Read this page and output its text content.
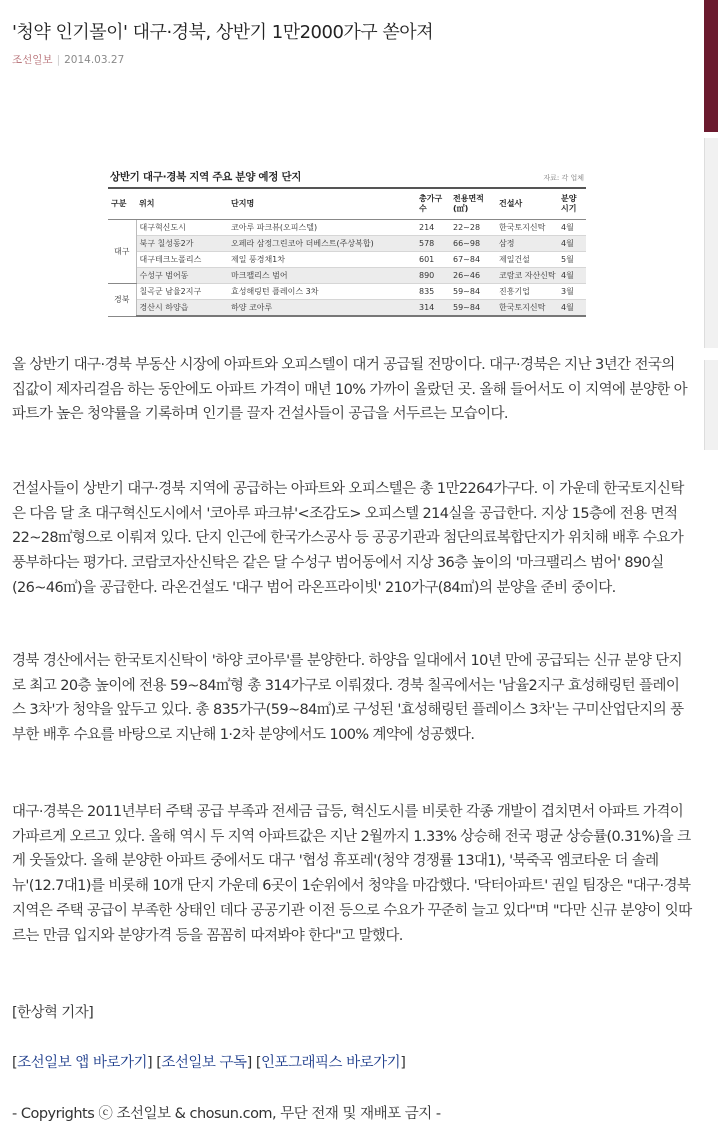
'청약 인기몰이' 대구·경북, 상반기 1만2000가구 쏟아져
조선일보 | 2014.03.27
상반기 대구·경북 지역 주요 분양 예정 단지	자료: 각 업체
구분	위치	단지명	총가구 수	전용면적 (㎡)	건설사	분양 시기
대구	대구혁신도시	코아루 파크뷰(오피스텔)	214	22~28	한국토지신탁	4월
	북구 칠성동2가	오페라 삼정그린코아 더베스트(주상복합)	578	66~98	삼정	4월
	대구테크노폴리스	제일 풍경채1차	601	67~84	제일건설	5월
	수성구 범어동	마크팰리스 범어	890	26~46	코람코 자산신탁	4월
경북	칠곡군 남율2지구	효성해링턴 플레이스 3차	835	59~84	진흥기업	3월
	경산시 하양읍	하양 코아루	314	59~84	한국토지신탁	4월

올 상반기 대구·경북 부동산 시장에 아파트와 오피스텔이 대거 공급될 전망이다. 대구·경북은 지난 3년간 전국의 집값이 제자리걸음 하는 동안에도 아파트 가격이 매년 10% 가까이 올랐던 곳. 올해 들어서도 이 지역에 분양한 아파트가 높은 청약률을 기록하며 인기를 끌자 건설사들이 공급을 서두르는 모습이다.

건설사들이 상반기 대구·경북 지역에 공급하는 아파트와 오피스텔은 총 1만2264가구다. 이 가운데 한국토지신탁은 다음 달 초 대구혁신도시에서 '코아루 파크뷰'<조감도> 오피스텔 214실을 공급한다. 지상 15층에 전용 면적 22~28㎡형으로 이뤄져 있다. 단지 인근에 한국가스공사 등 공공기관과 첨단의료복합단지가 위치해 배후 수요가 풍부하다는 평가다. 코람코자산신탁은 같은 달 수성구 범어동에서 지상 36층 높이의 '마크팰리스 범어' 890실(26~46㎡)을 공급한다. 라온건설도 '대구 범어 라온프라이빗' 210가구(84㎡)의 분양을 준비 중이다.

경북 경산에서는 한국토지신탁이 '하양 코아루'를 분양한다. 하양읍 일대에서 10년 만에 공급되는 신규 분양 단지로 최고 20층 높이에 전용 59~84㎡형 총 314가구로 이뤄졌다. 경북 칠곡에서는 '남율2지구 효성해링턴 플레이스 3차'가 청약을 앞두고 있다. 총 835가구(59~84㎡)로 구성된 '효성해링턴 플레이스 3차'는 구미산업단지의 풍부한 배후 수요를 바탕으로 지난해 1·2차 분양에서도 100% 계약에 성공했다.

대구·경북은 2011년부터 주택 공급 부족과 전세금 급등, 혁신도시를 비롯한 각종 개발이 겹치면서 아파트 가격이 가파르게 오르고 있다. 올해 역시 두 지역 아파트값은 지난 2월까지 1.33% 상승해 전국 평균 상승률(0.31%)을 크게 웃돌았다. 올해 분양한 아파트 중에서도 대구 '협성 휴포레'(청약 경쟁률 13대1), '북죽곡 엠코타운 더 솔레뉴'(12.7대1)를 비롯해 10개 단지 가운데 6곳이 1순위에서 청약을 마감했다. '닥터아파트' 권일 팀장은 "대구·경북 지역은 주택 공급이 부족한 상태인 데다 공공기관 이전 등으로 수요가 꾸준히 늘고 있다"며 "다만 신규 분양이 잇따르는 만큼 입지와 분양가격 등을 꼼꼼히 따져봐야 한다"고 말했다.

[한상혁 기자]

[조선일보 앱 바로가기] [조선일보 구독] [인포그래픽스 바로가기]
- Copyrights ⓒ 조선일보 & chosun.com, 무단 전재 및 재배포 금지 -
